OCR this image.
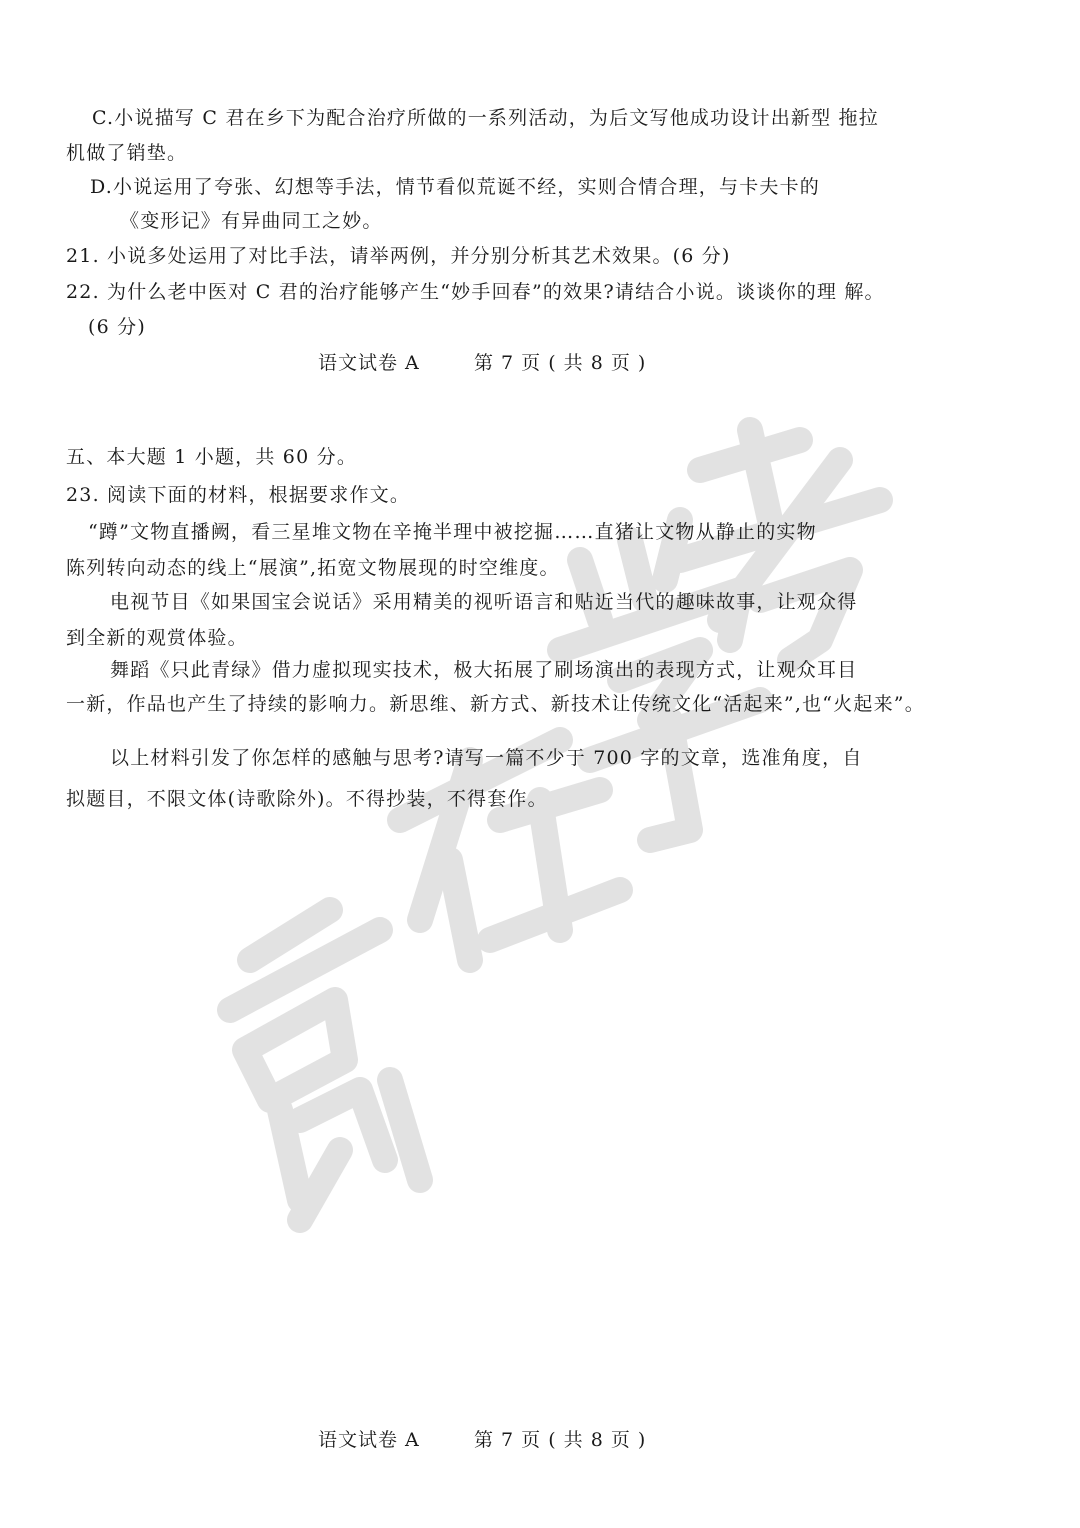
C.小说描写 C 君在乡下为配合治疗所做的一系列活动，为后文写他成功设计出新型 拖拉
机做了销垫。
D.小说运用了夸张、幻想等手法，情节看似荒诞不经，实则合情合理，与卡夫卡的
《变形记》有异曲同工之妙。
21. 小说多处运用了对比手法，请举两例，并分别分析其艺术效果。(6 分)
22. 为什么老中医对 C 君的治疗能够产生“妙手回春”的效果?请结合小说。谈谈你的理 解。
(6 分)
语文试卷 A	第 7 页 ( 共 8 页 )
五、本大题 1 小题，共 60 分。
23. 阅读下面的材料，根据要求作文。
“蹲”文物直播阙，看三星堆文物在辛掩半理中被挖掘……直猪让文物从静止的实物
陈列转向动态的线上“展演”,拓宽文物展现的时空维度。
电视节目《如果国宝会说话》采用精美的视听语言和贴近当代的趣味故事，让观众得
到全新的观赏体验。
舞蹈《只此青绿》借力虚拟现实技术，极大拓展了刷场演出的表现方式，让观众耳目
一新，作品也产生了持续的影响力。新思维、新方式、新技术让传统文化“活起来”,也“火起来”。
以上材料引发了你怎样的感触与思考?请写一篇不少于 700 字的文章，选准角度，自
拟题目，不限文体(诗歌除外)。不得抄装，不得套作。
语文试卷 A	第 7 页 ( 共 8 页 )
